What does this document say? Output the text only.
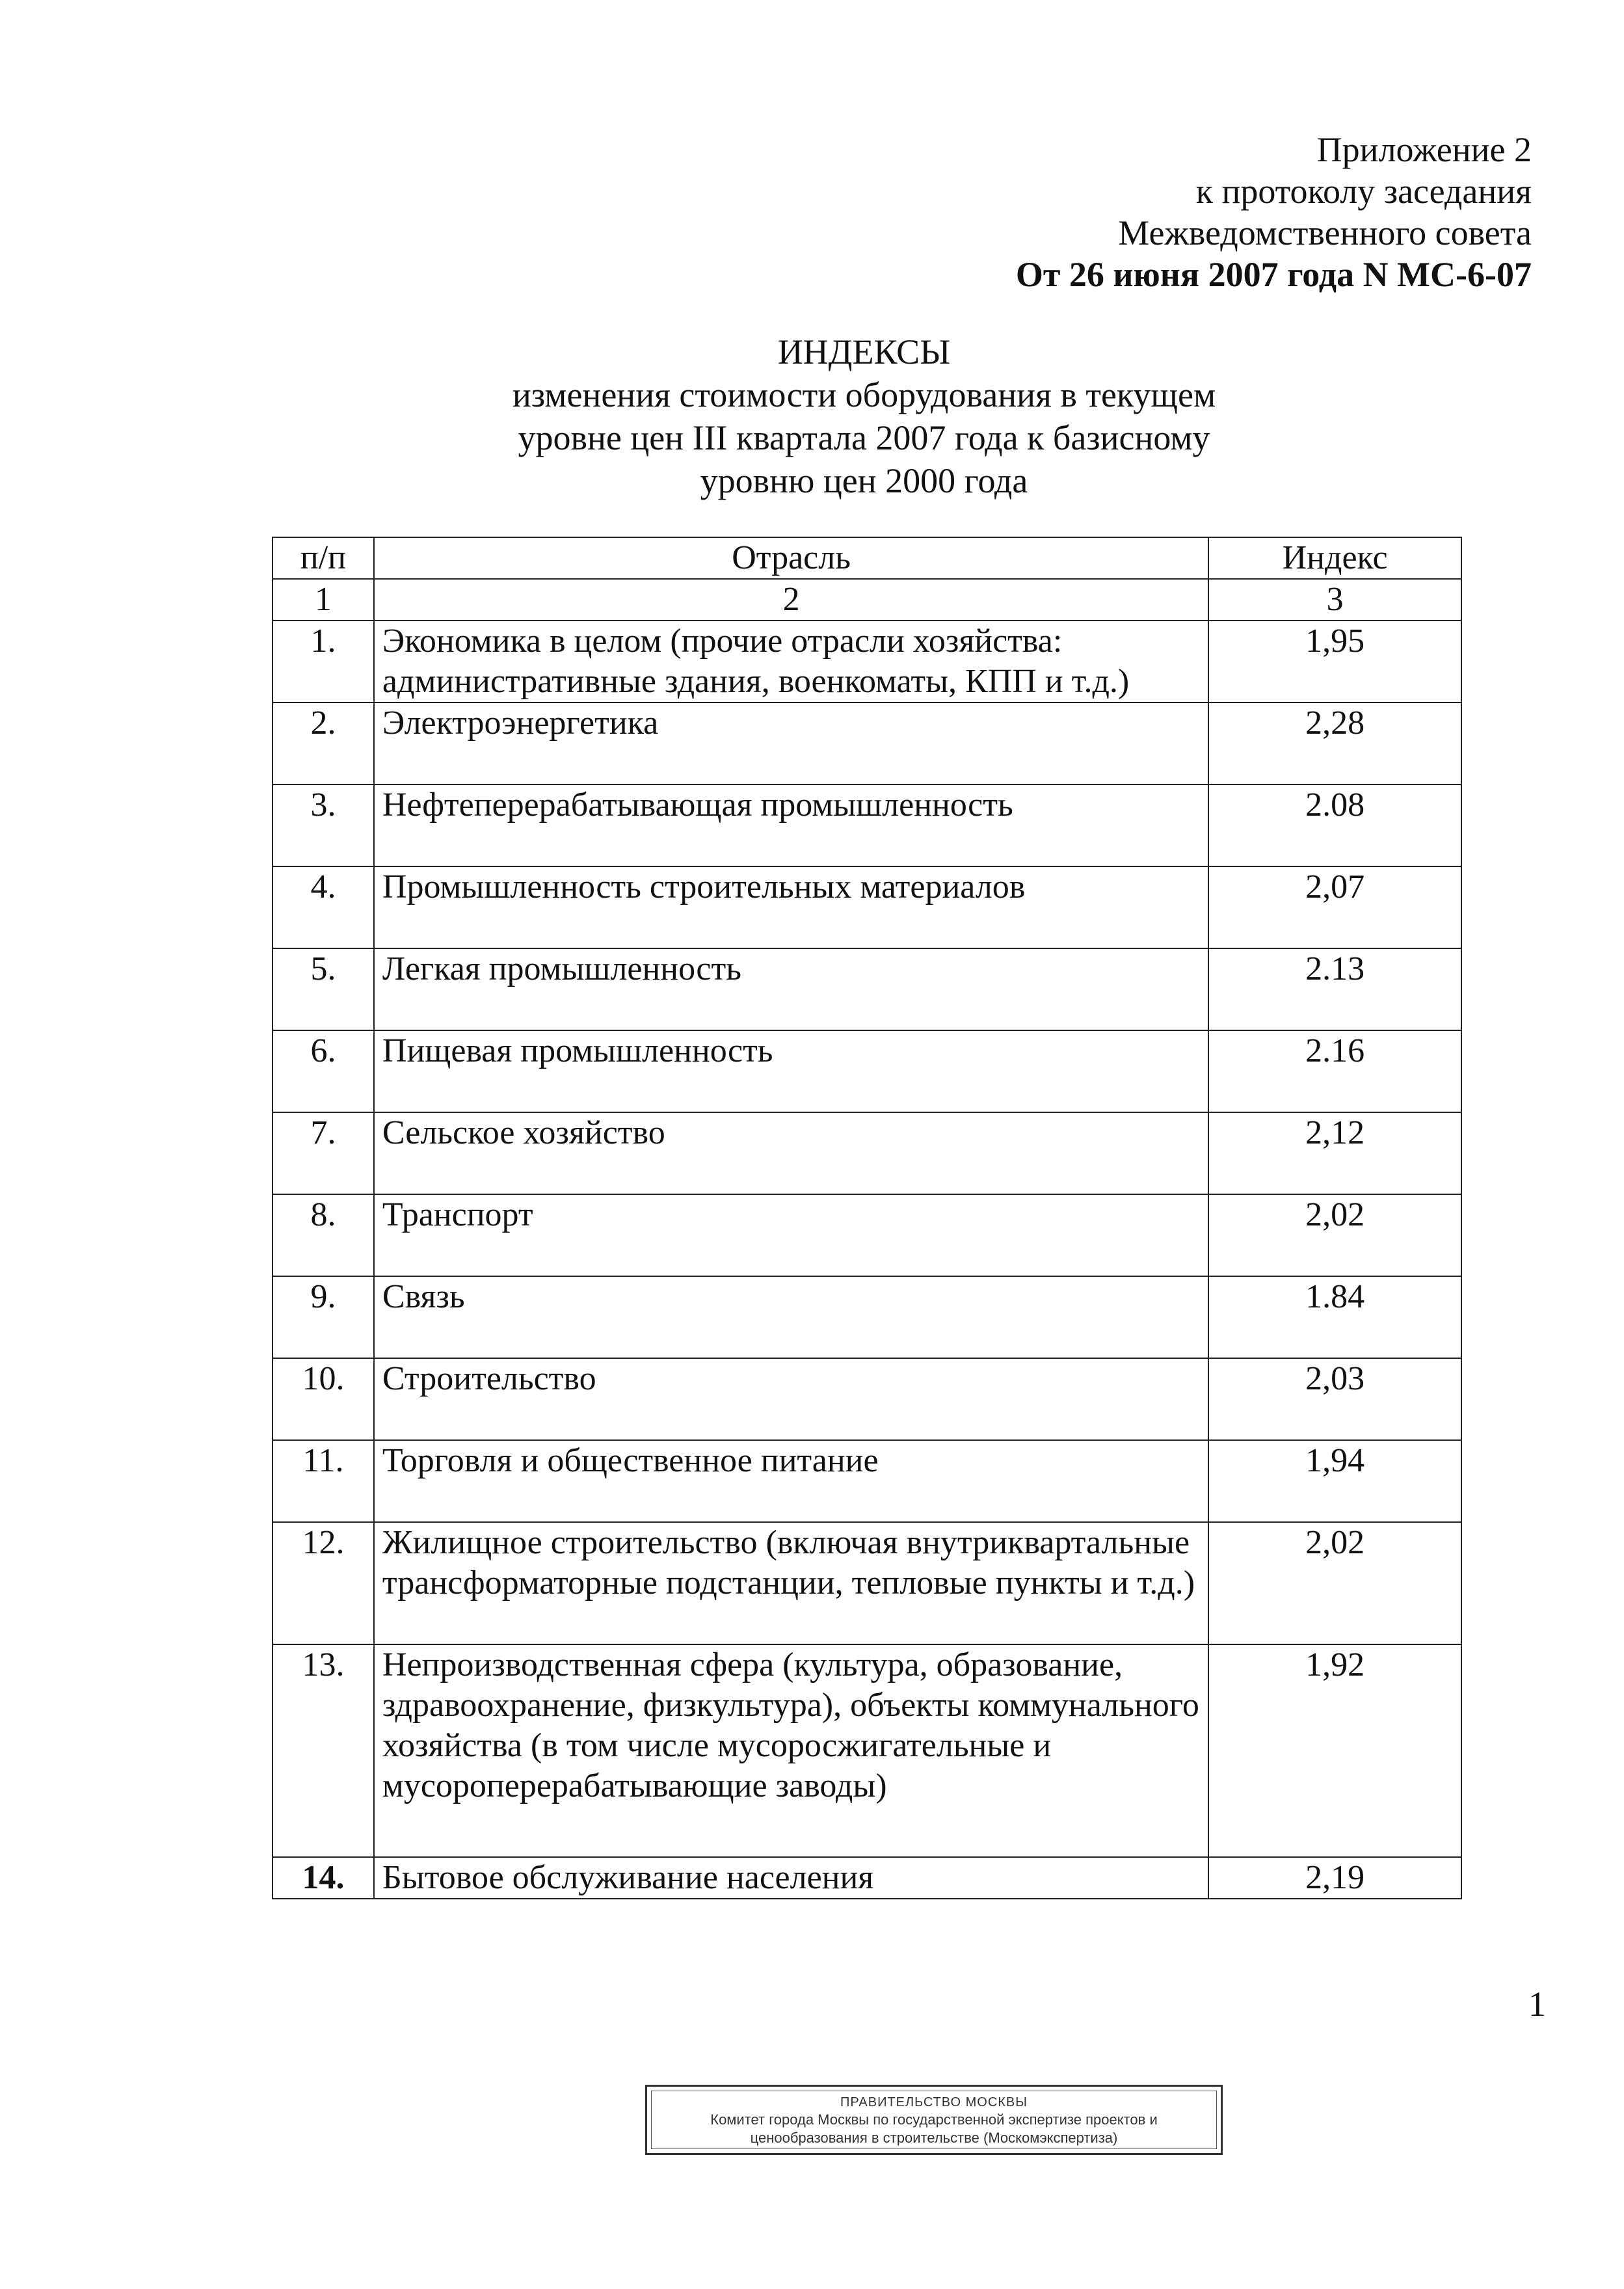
Приложение 2
к протоколу заседания
Межведомственного совета
От 26 июня 2007 года N МС-6-07
ИНДЕКСЫ
изменения стоимости оборудования в текущем
уровне цен III квартала 2007 года к базисному
уровню цен 2000 года
п/п	Отрасль	Индекс
1	2	3
1.	Экономика в целом (прочие отрасли хозяйства: административные здания, военкоматы, КПП и т.д.)	1,95
2.	Электроэнергетика	2,28
3.	Нефтеперерабатывающая промышленность	2.08
4.	Промышленность строительных материалов	2,07
5.	Легкая промышленность	2.13
6.	Пищевая промышленность	2.16
7.	Сельское хозяйство	2,12
8.	Транспорт	2,02
9.	Связь	1.84
10.	Строительство	2,03
11.	Торговля и общественное питание	1,94
12.	Жилищное строительство (включая внутриквартальные трансформаторные подстанции, тепловые пункты и т.д.)	2,02
13.	Непроизводственная сфера (культура, образование, здравоохранение, физкультура), объекты коммунального хозяйства (в том числе мусоросжигательные и мусороперерабатывающие заводы)	1,92
14.	Бытовое обслуживание населения	2,19
1
ПРАВИТЕЛЬСТВО МОСКВЫ
Комитет города Москвы по государственной экспертизе проектов и
ценообразования в строительстве (Москомэкспертиза)
